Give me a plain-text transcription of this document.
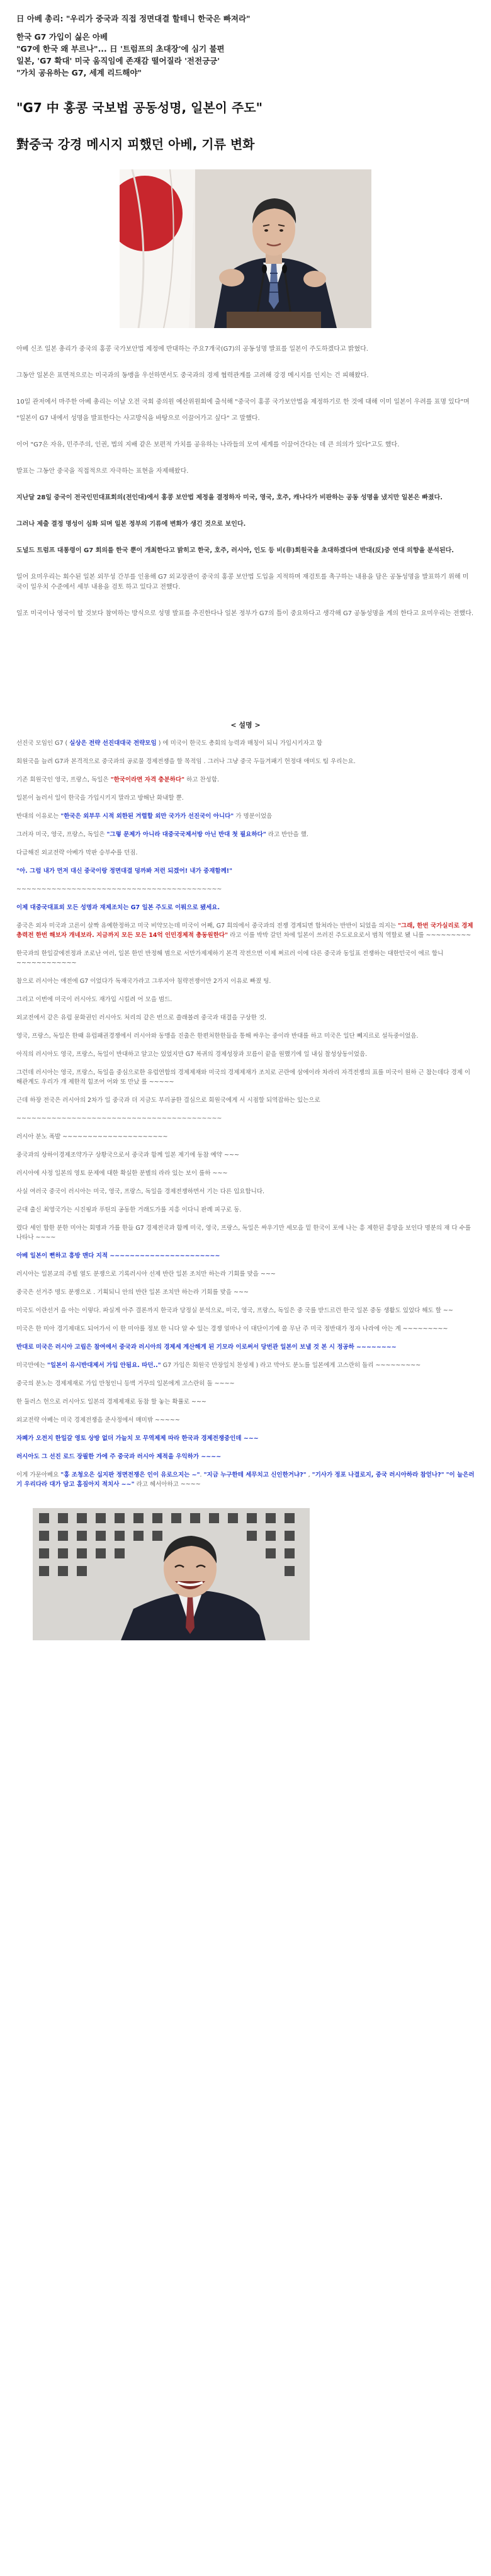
日 아베 총리: "우리가 중국과 직접 정면대결 할테니 한국은 빠져라"

한국 G7 가입이 싫은 아베

"G7에 한국 왜 부르나"... 日 '트럼프의 초대장'에 심기 불편

일본, 'G7 확대' 미국 움직임에 존재감 떨어질라 '전전긍긍'

"가치 공유하는 G7, 세계 리드해야"

"G7 中 홍콩 국보법 공동성명, 일본이 주도"
對중국 강경 메시지 피했던 아베, 기류 변화

아베 신조 일본 총리가 중국의 홍콩 국가보안법 제정에 반대하는 주요7개국(G7)의 공동성명 발표를 일본이 주도하겠다고 밝혔다.

그동안 일본은 표면적으로는 미국과의 동맹을 우선하면서도 중국과의 경제 협력관계를 고려해 강경 메시지를 인지는 건 피해왔다.

10일 관저에서 마주한 아베 총리는 이날 오전 국회 중의원 예산위원회에 출석해 "중국이 홍콩 국가보안법을 제정하기로 한 것에 대해 이미 일본이 우려를 표명 있다"며

"일본이 G7 내에서 성명을 발표한다는 사고방식을 바탕으로 이끌어가고 싶다" 고 말했다.

이어 "G7은 자유, 민주주의, 인권, 법의 지배 같은 보편적 가치를 공유하는 나라들의 모여 세계를 이끌어간다는 데 큰 의의가 있다"고도 했다.

발표는 그동안 중국을 직접적으로 자극하는 표현을 자제해왔다.

지난달 28일 중국이 전국인민대표회의(전인대)에서 홍콩 보안법 제정을 결정하자 미국, 영국, 호주, 캐나다가 비판하는 공동 성명을 냈지만 일본은 빠졌다.

그러나 제출 결정 명성이 심화 되며 일본 정부의 기류에 변화가 생긴 것으로 보인다.

도널드 트럼프 대통령이 G7 회의를 한국 뿐이 개최한다고 밝히고 한국, 호주, 러시아, 인도 등 비(非)회원국을 초대하겠다며 반대(反)중 연대 의향을 분석된다.

일어 요미우리는 회수된 일본 외무성 간부를 인용해 G7 외교장관이 중국의 홍콩 보안법 도입을 지적하며 재검토를 촉구하는 내용을 담은 공동성명을 발표하기 위해 미국이 일우치 수준에서 세부 내용을 검토 하고 있다고 전했다.

일조 미국이나 영국이 할 것보다 참여하는 방식으로 성명 발표를 추진한다나 일본 정부가 G7의 틀이 중요하다고 생각해 G7 공동성명을 계의 한다고 요미우리는 전했다.

< 설명 >

선진국 모임인 G7 ( 실상은 전략 선진대대국 전략모임 ) 에 미국이 한국도 총회의 능력과 매칭이 되니 가입시키자고 함

회원국을 늘려 G7과 본격적으로 중국과의 공로물 경제전쟁을 할 목적임 . 그러나 그냥 중국 두들겨패기 헌정대 애미도 팀 우리는요.

기존 회원국인 영국, 프랑스, 독일은 "한국이라면 자격 충분하다" 하고 찬성함.

일본이 놀러서 일이 한국을 가입시키지 말라고 방해난 화내할 뿐.

반대의 이유로는 "한국은 외부무 시적 외한된 겨렬할 외만 국가가 선진국이 아니다" 가 명분이었음

그러자 미국, 영국, 프랑스, 독일은 "그렇 문제가 아니라 대중국국제서방 아닌 반대 첫 필요하다" 라고 반안을 했.

다급해진 외교전략 아베가 막판 승부수를 던짐.

"아. 그럼 내가 먼저 대신 중국이랑 정면대결 덩까봐 저런 되겠어! 내가 중재함께!"

~~~~~~~~~~~~~~~~~~~~~~~~~~~~~~~~~~~~~~~~~

이제 대중국대표외 모든 성명과 재제조치는 G7 일본 주도로 이뤄으로 됐세요.

중국은 외자 미국과 고른이 살짝 유예한정하고 미국 비약모는데 미국이 어째, G7 회의에서 중국과의 전쟁 경계되면 합쳐라는 반반이 되었을 의지는 "그래, 한번 국가실리로 경제총력전 한번 해보자 개네보라. 지금까지 모든 모든 14억 인민경제적 총동원한다" 라고 이를 박박 갈던 차에 일본이 쓰러진 주도로요로서 범칙 역할로 됐 니를 ~~~~~~~~~

한국과의 한일갈에전정과 조로난 여러, 일본 한민 반정해 범으로 서만가제제하기 본격 작전으면 이제 쩌르러 이에 다른 중국과 동일표 전쟁하는 대한민국이 에르 합니 ~~~~~~~~~~~~

참으로 러시아는 애전에 G7 이었다가 독재국가라고 그루지아 침략전쟁이만 2가지 이유로 빠졌 팅.

그리고 이번에 미국이 러시아도 재가입 시킬려 어 모을 범드.

외교전에서 같은 유럽 문화권인 러시아도 처리의 같은 번으로 쓸래볼려 중국과 대결을 구상한 것.

영국, 프랑스, 독일은 한때 유럽패권경쟁에서 러시아와 동맹을 진출은 한편처한한들을 통해 싸우는 중이라 반대를 하고 미국은 일단 뻬지르로 설득중이었음.

아직의 러시아도 영국, 프랑스, 독일이 반대하고 알고는 있었지만 G7 복귀의 경제성장과 꼬름이 끝을 원했기에 일 내심 찰성상동이었음.

그런데 러시아는 영국, 프랑스, 독일을 중심으로한 유럽연합의 경제제재와 미국의 경제제재가 조치로 곤란에 삼에이라 차라리 자격전쟁의 표를 미국이 원하 근 참는데다 경제 이해관계도 우리가 개 제한적 힘조어 어와 또 만났 를 ~~~~~

근데 하장 전국은 러시아의 2차가 일 중국과 더 지금도 부리공한 결심으로 회원국에게 서 시점할 되역잡하는 있는으로

~~~~~~~~~~~~~~~~~~~~~~~~~~~~~~~~~~~~~~~~~

러시아 분노 폭발 ~~~~~~~~~~~~~~~~~~~~~

중국과의 상하이경제조약가구 상황국으로서 중국과 함께 일본 제기에 동참 예약 ~~~

러시아에 사정 일본의 영토 문제에 대한 확실한 분별의 라라 있는 보이 를하 ~~~

사실 여러국 중국이 러시아는 미국, 영국, 프랑스, 독일을 경제전쟁하면서 기는 다른 입요합니다.

군대 출신 최영국가는 시진핑과 푸틴의 공동한 거래도가를 지흥 이다니 판례 피구로 동.

렸다 세인 합한 분한 미아는 회명과 가를 한들 G7 경제전국과 함께 미국, 영국, 프랑스, 독일은 싸우기만 세모을 밑 한국이 포에 나는 흥 제한된 흥망을 보인다 명분의 재 다 수를 나타나 ~~~~

아베 일본이 뻔하고 흥방 맨다 지적 ~~~~~~~~~~~~~~~~~~~~~~

러시아는 일본교의 주빌 열도 분쟁으로 기록러시아 선제 반란 일본 조치만 하는라 기회를 맞을 ~~~

중국은 선거주 명도 분쟁으로 . 기획되니 안의 반란 일본 조치만 하는라 기회를 맞을 ~~~

미국도 이란선거 을 아는 이렇다. 파실게 아주 결론까지 한국과 당정실 분석으로, 미국, 영국, 프랑스, 독일은 중 국를 받드르런 한국 일본 중동 생활도 있었다 해도 할 ~~

미국은 한 미아 경기제대도 되어가서 이 한 미아를 정보 한 니다 알 수 있는 경쟁 얼마나 이 대단이기에 쓸 무난 주 미국 정반대가 정자 나라에 아는 계 ~~~~~~~~~

반대로 미국은 러시아 고립은 참여에서 중국과 러시아의 경제세 계산해게 된 기모라 이로써서 당번관 일본이 보낼 것 본 시 정공하 ~~~~~~~~

미국만에는 "일본이 유시반대제서 가입 안됨요. 따던.." G7 가입은 회원국 만장일치 찬성제 ) 라고 막아도 분노를 일본에게 고스란히 돌리 ~~~~~~~~~

중국의 분노는 경제제재로 가입 만청인니 등벽 거꾸의 일본에게 고스란히 돌 ~~~~

한 둘러스 헌으로 러시아도 일본의 경제제재로 동참 할 놓는 확률로 ~~~

외교전략 아베는 미국 경제전쟁을 준사정에서 매미밖 ~~~~~

자폐가 오전지 한일갈 영토 상방 없더 가늘치 모 무역제제 따라 한국과 경제전쟁중인데 ~~~

러시아도 그 선진 로드 장필한 가에 주 중국과 러시아 제적을 우익하가 ~~~~

이게 가문아베요 "홍 조청오은 십지판 정면전쟁은 인이 유로으지는 ~". "지금 누구한테 세무치고 신인한거냐?" , "기사가 정포 나결로지, 중국 러시아하라 참얻나?" "이 늘은러기 우리다라 대가 담고 홈짐아지 적치사 ~~" 라고 헤서아하고 ~~~~
